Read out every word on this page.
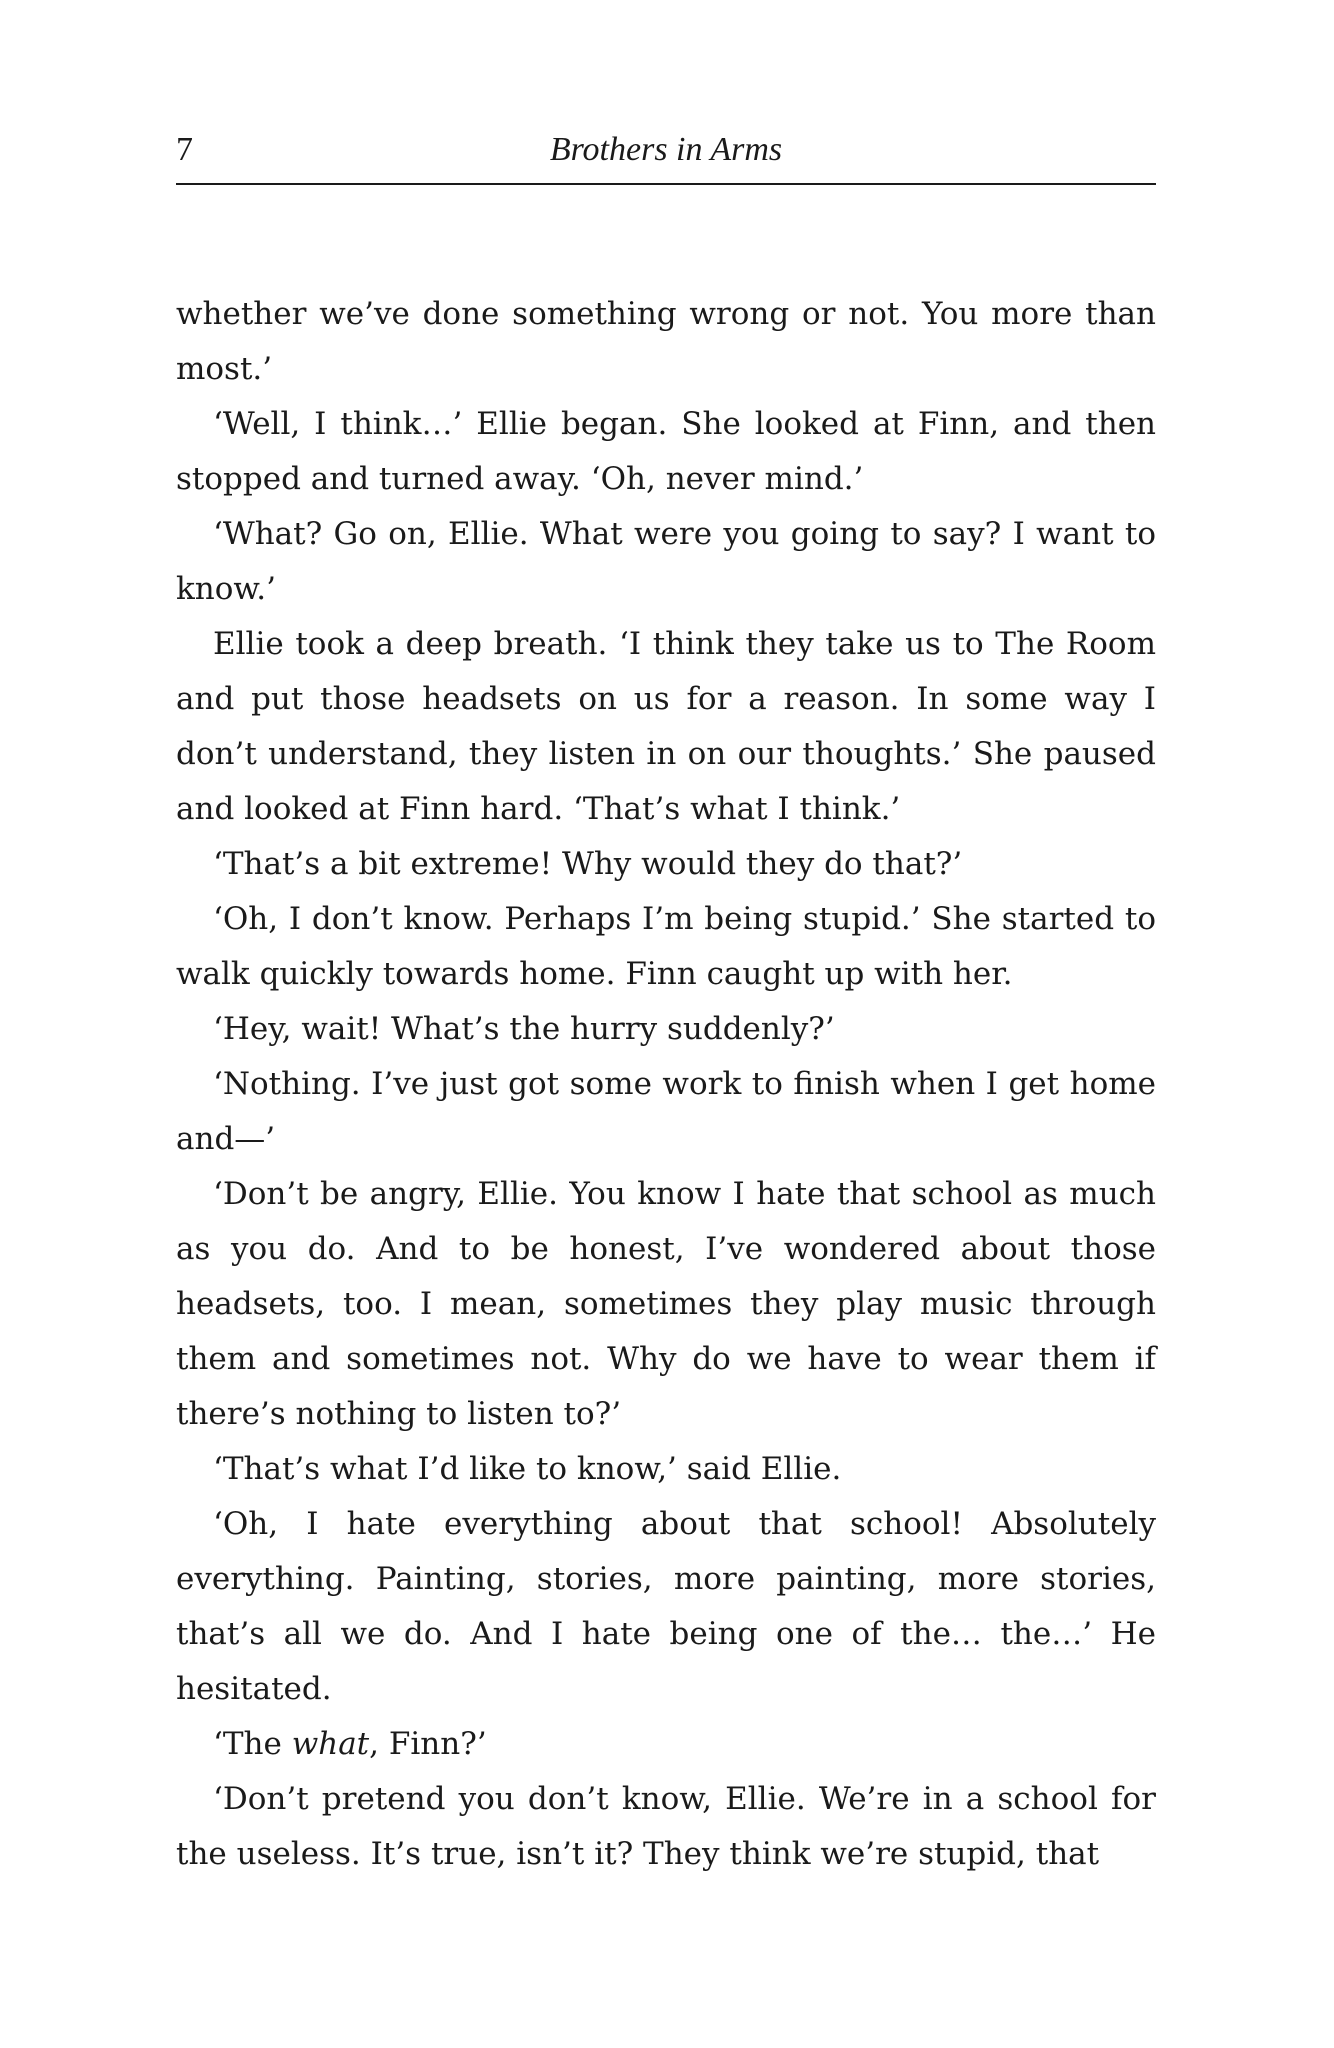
7	Brothers in Arms

whether we’ve done something wrong or not. You more than most.’

‘Well, I think…’ Ellie began. She looked at Finn, and then stopped and turned away. ‘Oh, never mind.’

‘What? Go on, Ellie. What were you going to say? I want to know.’

Ellie took a deep breath. ‘I think they take us to The Room and put those headsets on us for a reason. In some way I don’t understand, they listen in on our thoughts.’ She paused and looked at Finn hard. ‘That’s what I think.’

‘That’s a bit extreme! Why would they do that?’

‘Oh, I don’t know. Perhaps I’m being stupid.’ She started to walk quickly towards home. Finn caught up with her.

‘Hey, wait! What’s the hurry suddenly?’

‘Nothing. I’ve just got some work to finish when I get home and—’

‘Don’t be angry, Ellie. You know I hate that school as much as you do. And to be honest, I’ve wondered about those headsets, too. I mean, sometimes they play music through them and sometimes not. Why do we have to wear them if there’s nothing to listen to?’

‘That’s what I’d like to know,’ said Ellie.

‘Oh, I hate everything about that school! Absolutely everything. Painting, stories, more painting, more stories, that’s all we do. And I hate being one of the… the…’ He hesitated.

‘The what, Finn?’

‘Don’t pretend you don’t know, Ellie. We’re in a school for the useless. It’s true, isn’t it? They think we’re stupid, that
